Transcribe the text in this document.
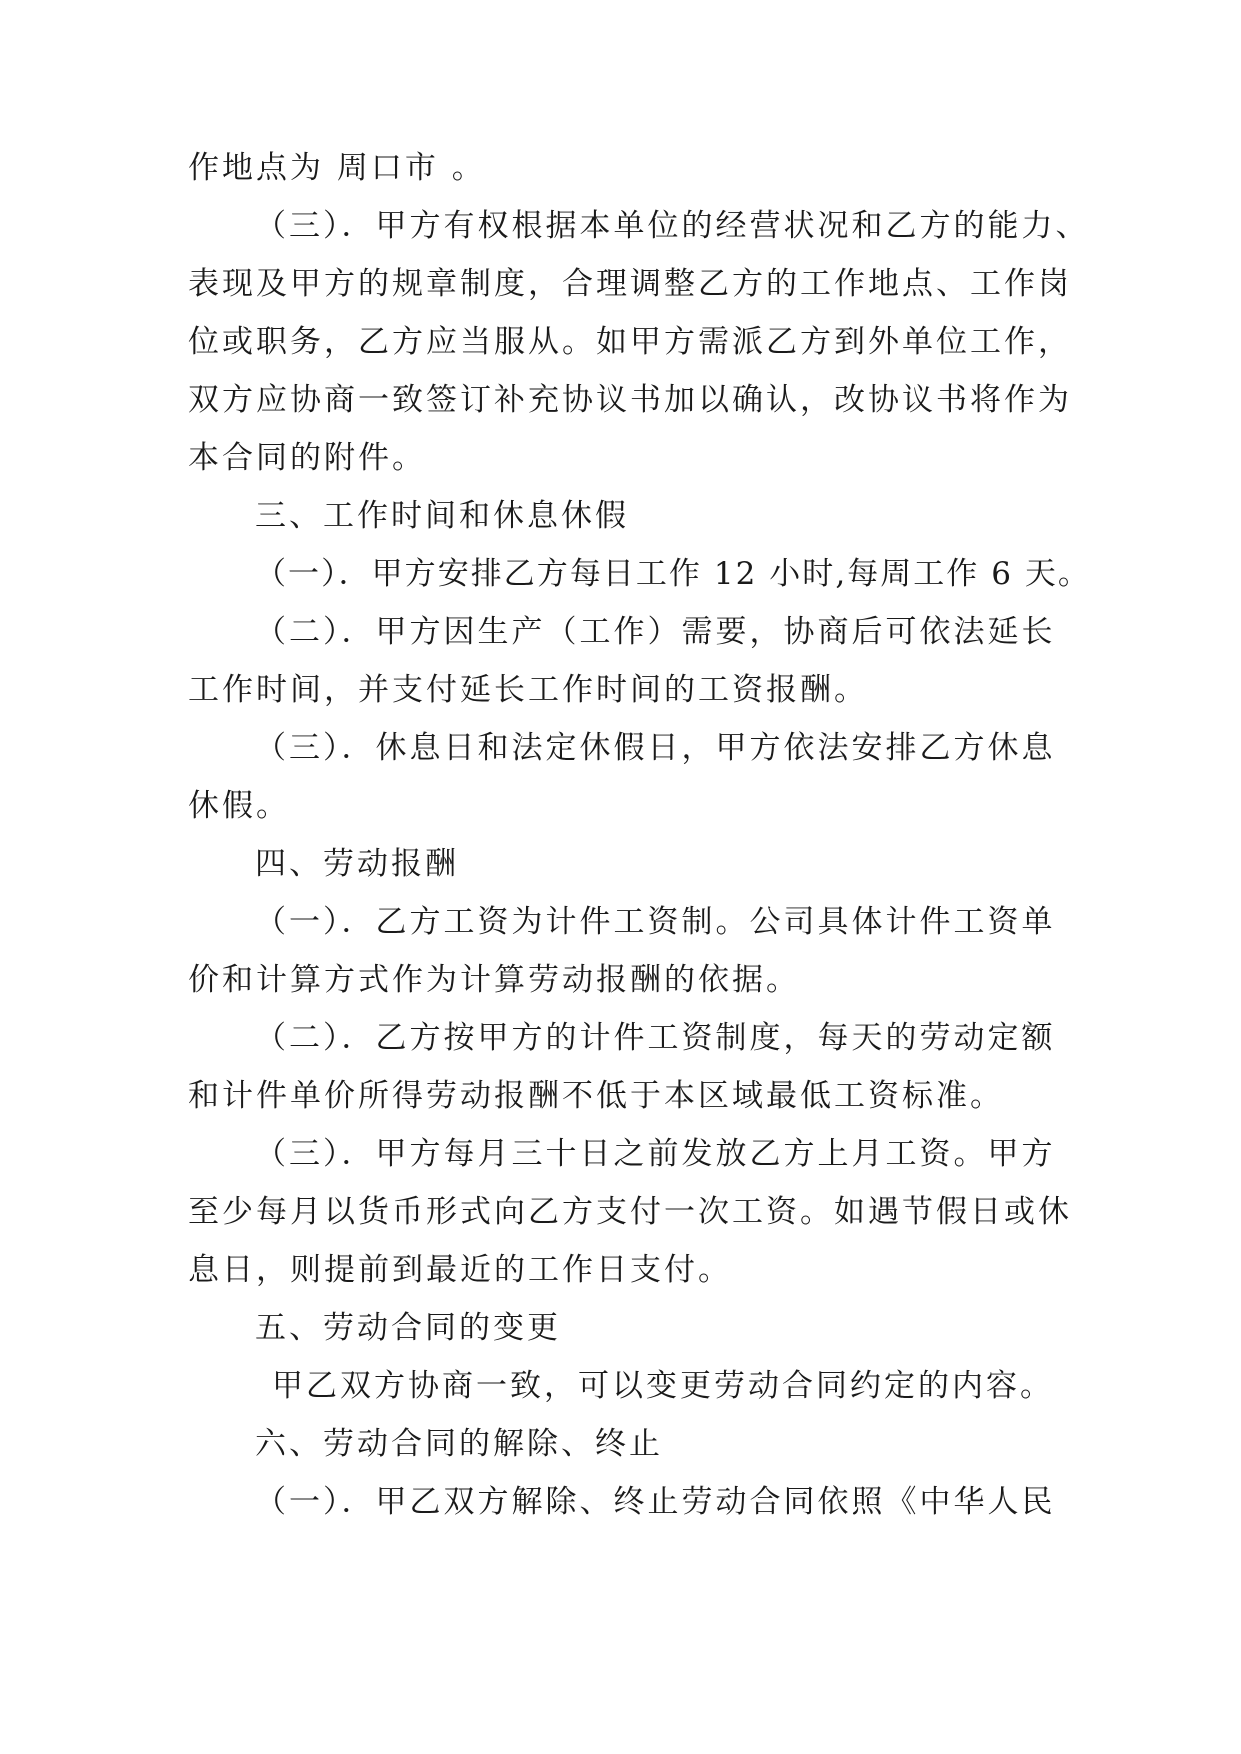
作地点为 周口市 。
（三）．甲方有权根据本单位的经营状况和乙方的能力、
表现及甲方的规章制度，合理调整乙方的工作地点、工作岗
位或职务，乙方应当服从。如甲方需派乙方到外单位工作，
双方应协商一致签订补充协议书加以确认，改协议书将作为
本合同的附件。
三、工作时间和休息休假
（一）．甲方安排乙方每日工作 12 小时,每周工作 6 天。
（二）．甲方因生产（工作）需要，协商后可依法延长
工作时间，并支付延长工作时间的工资报酬。
（三）．休息日和法定休假日，甲方依法安排乙方休息
休假。
四、劳动报酬
（一）．乙方工资为计件工资制。公司具体计件工资单
价和计算方式作为计算劳动报酬的依据。
（二）．乙方按甲方的计件工资制度，每天的劳动定额
和计件单价所得劳动报酬不低于本区域最低工资标准。
（三）．甲方每月三十日之前发放乙方上月工资。甲方
至少每月以货币形式向乙方支付一次工资。如遇节假日或休
息日，则提前到最近的工作日支付。
五、劳动合同的变更
甲乙双方协商一致，可以变更劳动合同约定的内容。
六、劳动合同的解除、终止
（一）．甲乙双方解除、终止劳动合同依照《中华人民
